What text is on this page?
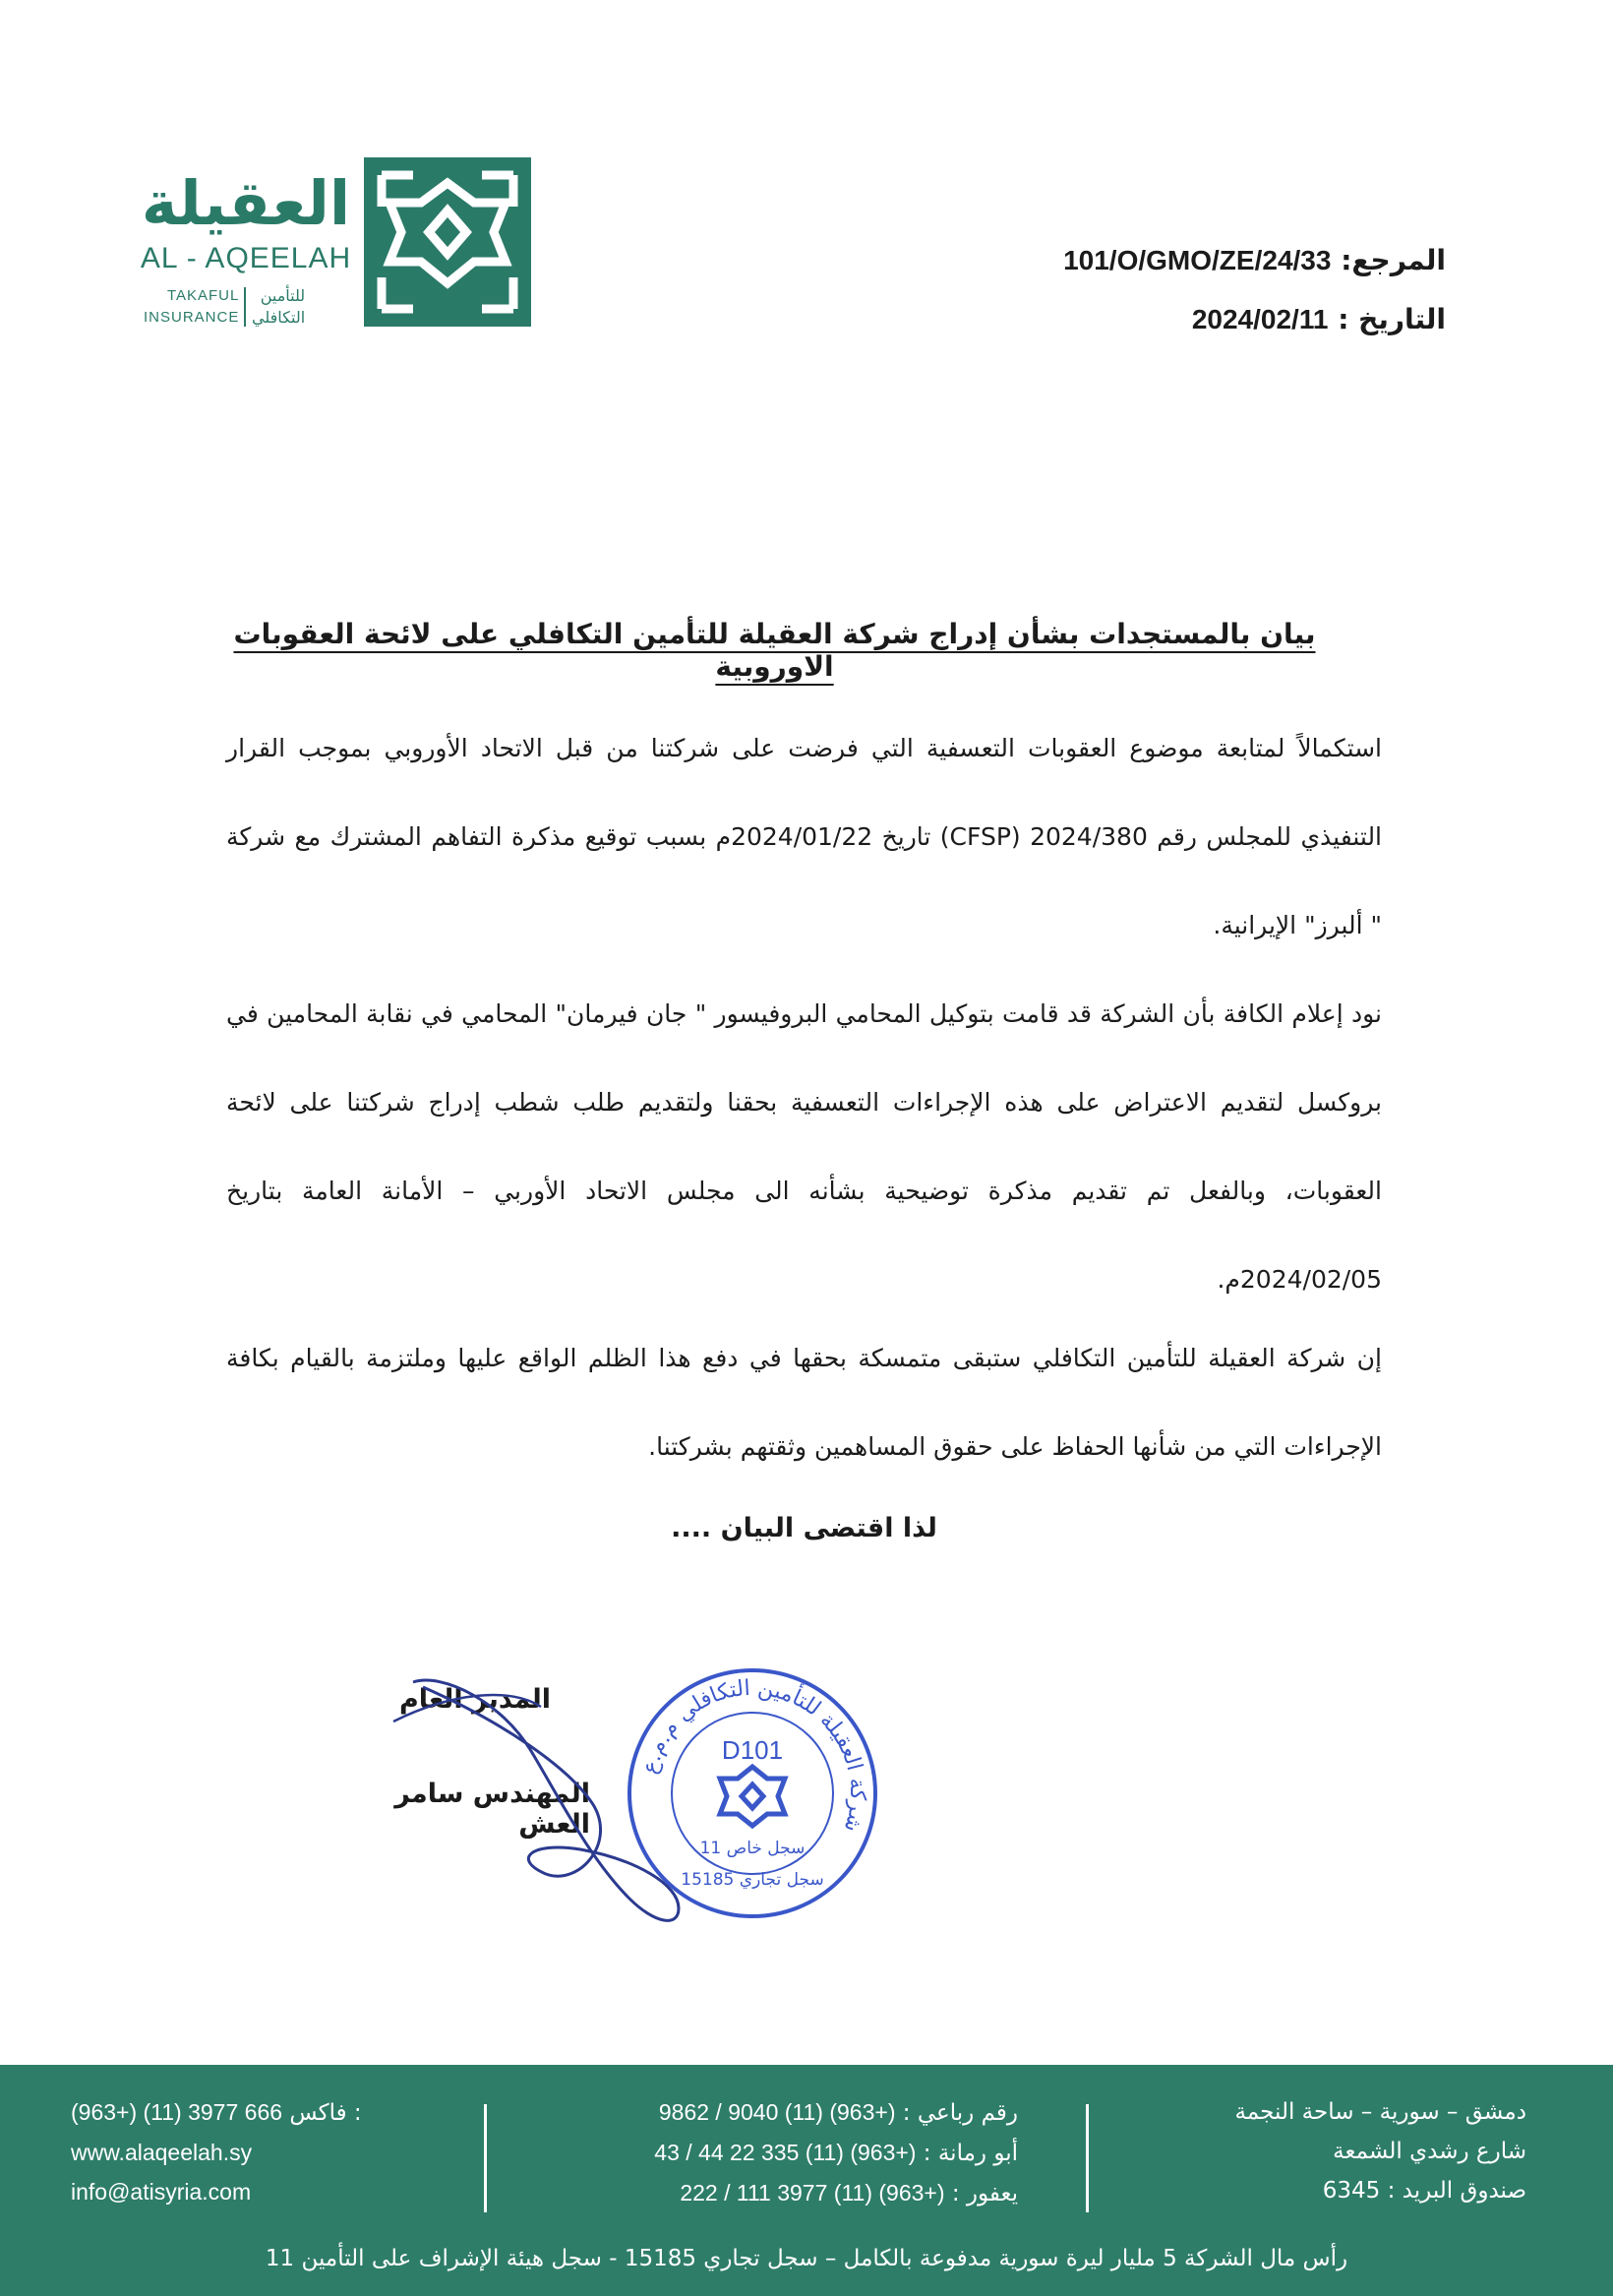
العقيلة
AL - AQEELAH
TAKAFUL
INSURANCE
للتأمين
التكافلي
المرجع: 101/O/GMO/ZE/24/33
التاريخ : 2024/02/11
بيان بالمستجدات بشأن إدراج شركة العقيلة للتأمين التكافلي على لائحة العقوبات الاوروبية
استكمالاً لمتابعة موضوع العقوبات التعسفية التي فرضت على شركتنا من قبل الاتحاد الأوروبي بموجب القرار التنفيذي للمجلس رقم 2024/380 (CFSP) تاريخ 2024/01/22م بسبب توقيع مذكرة التفاهم المشترك مع شركة " ألبرز" الإيرانية.
نود إعلام الكافة بأن الشركة قد قامت بتوكيل المحامي البروفيسور " جان فيرمان" المحامي في نقابة المحامين في بروكسل لتقديم الاعتراض على هذه الإجراءات التعسفية بحقنا ولتقديم طلب شطب إدراج شركتنا على لائحة العقوبات، وبالفعل تم تقديم مذكرة توضيحية بشأنه الى مجلس الاتحاد الأوربي – الأمانة العامة بتاريخ 2024/02/05م.
إن شركة العقيلة للتأمين التكافلي ستبقى متمسكة بحقها في دفع هذا الظلم الواقع عليها وملتزمة بالقيام بكافة الإجراءات التي من شأنها الحفاظ على حقوق المساهمين وثقتهم بشركتنا.
لذا اقتضى البيان ....
المدير العام
المهندس سامر العش
شركة العقيلة للتأمين التكافلي م.م.ع
D101
سجل خاص 11
سجل تجاري 15185
دمشق – سورية – ساحة النجمة
شارع رشدي الشمعة
صندوق البريد : 6345
رقم رباعي : 9862 / 9040 (11) (963+)
أبو رمانة : 43 / 44 22 335 (11) (963+)
يعفور : 222 / 111 3977 (11) (963+)
(963+) (11) 3977 666 فاكس :
www.alaqeelah.sy
info@atisyria.com
رأس مال الشركة 5 مليار ليرة سورية مدفوعة بالكامل – سجل تجاري 15185 - سجل هيئة الإشراف على التأمين 11
